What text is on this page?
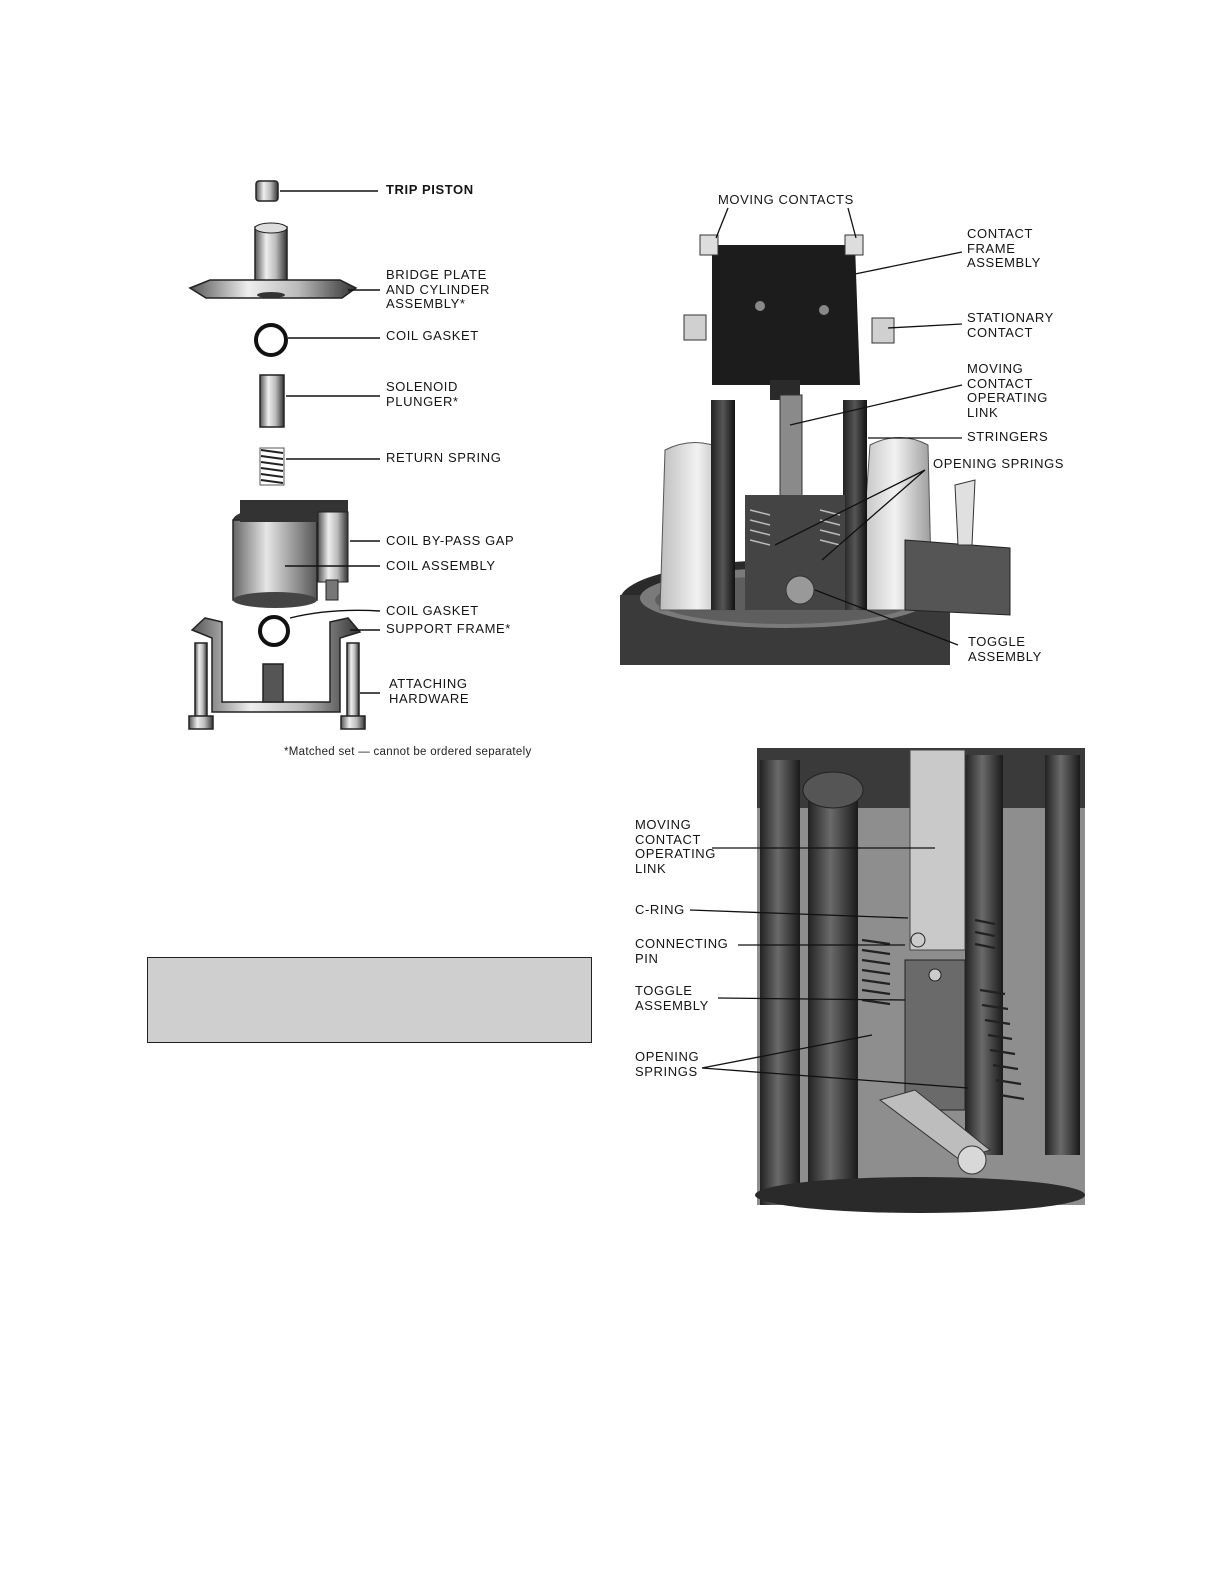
TRIP PISTON
BRIDGE PLATE
AND CYLINDER
ASSEMBLY*
COIL GASKET
SOLENOID
PLUNGER*
RETURN SPRING
COIL BY-PASS GAP
COIL ASSEMBLY
COIL GASKET
SUPPORT FRAME*
ATTACHING
HARDWARE
*Matched set — cannot be ordered separately
MOVING CONTACTS
CONTACT
FRAME
ASSEMBLY
STATIONARY
CONTACT
MOVING
CONTACT
OPERATING
LINK
STRINGERS
OPENING SPRINGS
TOGGLE
ASSEMBLY
MOVING
CONTACT
OPERATING
LINK
C-RING
CONNECTING
PIN
TOGGLE
ASSEMBLY
OPENING
SPRINGS
